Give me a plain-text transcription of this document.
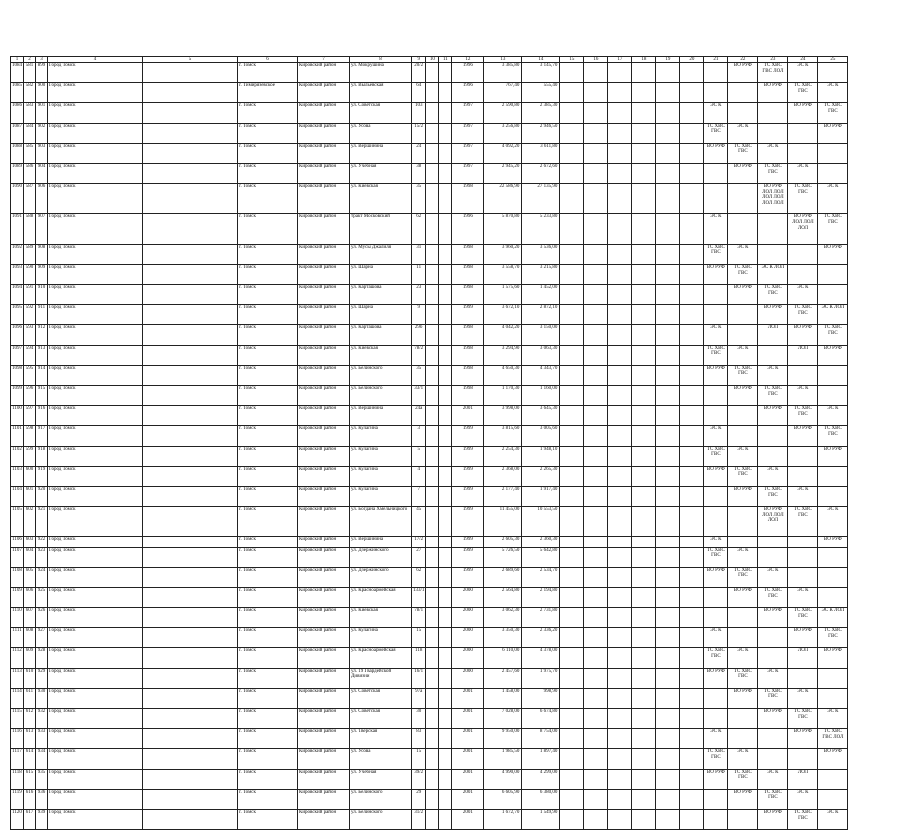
1	2	3	4	5	6	7	8	9	10	11	12	13	14	15	16	17	18	19	20	21	22	23	24	25
1084	581	899	Город Томск		г. Томск	Кировский район	ул. Мокрушина	20/2			1996	3 385,80	3 145,70								ВО РУФ	ТС ХВС ГВС ЛОЛ	ЭС К	
1085	582	900	Город Томск		г. Тимирязевское	Кировский район	ул. Выльевская	64			1996	767,40	555,40									ВО РУФ	ТС ХВС ГВС	ЭС К
1086	583	901	Город Томск		г. Томск	Кировский район	ул. Советская	103			1997	2 590,80	2 385,30							ЭС К			ВО РУФ	ТС ХВС ГВС
1087	584	902	Город Томск		г. Томск	Кировский район	ул. Усова	15/2			1997	3 256,80	2 946,50							ТС ХВС ГВС	ЭС К			ВО РУФ
1088	585	903	Город Томск		г. Томск	Кировский район	ул. Вершинина	24			1997	4 092,20	3 611,80							ВО РУФ	ТС ХВС ГВС	ЭС К		
1089	586	904	Город Томск		г. Томск	Кировский район	ул. Учебная	38			1997	2 945,20	2 672,60								ВО РУФ	ТС ХВС ГВС	ЭС К	
1090	587	906	Город Томск		г. Томск	Кировский район	ул. Киевская	35			1998	22 586,90	27 135,90									ВО РУФ ЛОЛ ЛОЛ ЛОЛ ЛОЛ ЛОЛ ЛОЛ	ТС ХВС ГВС	ЭС К
1091	588	907	Город Томск		г. Томск	Кировский район	тракт Московский	62			1996	5 870,80	5 233,80							ЭС К			ВО РУФ ЛОЛ ЛОЛ ЛОЛ	ТС ХВС ГВС
1092	589	908	Город Томск		г. Томск	Кировский район	ул. Мусы Джалиля	31			1998	3 960,20	3 536,00							ТС ХВС ГВС	ЭС К			ВО РУФ
1093	590	909	Город Томск		г. Томск	Кировский район	ул. Шарна	11			1998	3 558,70	3 215,80							ВО РУФ	ТС ХВС ГВС	ЭС К ЛОЛ		
1094	591	910	Город Томск		г. Томск	Кировский район	ул. Карташова	23			1998	1 575,60	1 452,00								ВО РУФ	ТС ХВС ГВС	ЭС К	
1095	592	911	Город Томск		г. Томск	Кировский район	ул. Шарна	9			1999	3 672,10	2 872,10									ВО РУФ	ТС ХВС ГВС	ЭС К ЛОЛ
1096	593	912	Город Томск		г. Томск	Кировский район	ул. Карташова	29б			1998	4 042,20	3 150,00							ЭС К		ЛОЛ	ВО РУФ	ТС ХВС ГВС
1097	594	913	Город Томск		г. Томск	Кировский район	ул. Киевская	78/2			1998	3 294,90	3 063,30							ТС ХВС ГВС	ЭС К		ЛОЛ	ВО РУФ
1098	595	914	Город Томск		г. Томск	Кировский район	ул. Белинского	35			1998	4 650,30	4 343,70							ВО РУФ	ТС ХВС ГВС	ЭС К		
1099	596	915	Город Томск		г. Томск	Кировский район	ул. Белинского	33/1			1998	1 170,30	1 160,00								ВО РУФ	ТС ХВС ГВС	ЭС К	
1100	597	916	Город Томск		г. Томск	Кировский район	ул. Вершинина	24а			2001	3 998,00	3 645,30									ВО РУФ	ТС ХВС ГВС	ЭС К
1101	598	917	Город Томск		г. Томск	Кировский район	ул. Кулагина	3			1999	3 815,60	3 005,60							ЭС К			ВО РУФ	ТС ХВС ГВС
1102	599	918	Город Томск		г. Томск	Кировский район	ул. Кулагина	5			1999	2 254,30	1 948,10							ТС ХВС ГВС	ЭС К			ВО РУФ
1103	600	919	Город Томск		г. Томск	Кировский район	ул. Кулагина	4			1999	2 368,00	2 265,30							ВО РУФ	ТС ХВС ГВС	ЭС К		
1104	601	920	Город Томск		г. Томск	Кировский район	ул. Кулагина	7			1999	2 177,40	1 917,40								ВО РУФ	ТС ХВС ГВС	ЭС К	
1105	602	921	Город Томск		г. Томск	Кировский район	ул. Богдана Хмельницкого	45			1999	11 455,00	10 553,50									ВО РУФ ЛОЛ ЛОЛ ЛОЛ	ТС ХВС ГВС	ЭС К
1106	603	922	Город Томск		г. Томск	Кировский район	ул. Вершинина	17/2			1999	2 605,30	2 360,30							ЭС К				ВО РУФ
1107	604	923	Город Томск		г. Томск	Кировский район	ул. Дзержинского	27			1999	5 726,50	5 642,80							ТС ХВС ГВС	ЭС К			
1108	605	924	Город Томск		г. Томск	Кировский район	ул. Дзержинского	62			1999	2 689,60	2 534,70							ВО РУФ	ТС ХВС ГВС	ЭС К		
1109	606	925	Город Томск		г. Томск	Кировский район	ул. Красноармейская	133/1			2000	2 564,80	2 194,80								ВО РУФ	ТС ХВС ГВС	ЭС К	
1110	607	926	Город Томск		г. Томск	Кировский район	ул. Киевская	78/1			2000	3 062,30	2 731,80									ВО РУФ	ТС ХВС ГВС	ЭС К ЛОЛ
1111	608	927	Город Томск		г. Томск	Кировский район	ул. Кулагина	15			2000	3 350,30	2 336,20							ЭС К			ВО РУФ	ТС ХВС ГВС
1112	609	928	Город Томск		г. Томск	Кировский район	ул. Красноармейская	118			2000	6 110,00	4 378,00							ТС ХВС ГВС	ЭС К		ЛОЛ	ВО РУФ
1113	610	929	Город Томск		г. Томск	Кировский район	ул. 19 Гвардейской Дивизии	16/1			2000	2 457,60	1 975,70							ВО РУФ	ТС ХВС ГВС	ЭС К		
1114	611	930	Город Томск		г. Томск	Кировский район	ул. Советская	97а			2001	1 458,00	998,90								ВО РУФ	ТС ХВС ГВС	ЭС К	
1115	612	932	Город Томск		г. Томск	Кировский район	ул. Советская	30			2001	7 028,00	6 674,80									ВО РУФ	ТС ХВС ГВС	ЭС К
1116	613	933	Город Томск		г. Томск	Кировский район	ул. Тверская	83			2001	9 950,00	8 754,00							ЭС К			ВО РУФ	ТС ХВС ГВС ЛОЛ
1117	614	934	Город Томск		г. Томск	Кировский район	ул. Усова	15			2001	1 985,50	1 897,40							ТС ХВС ГВС	ЭС К			ВО РУФ
1118	615	935	Город Томск		г. Томск	Кировский район	ул. Учебная	39/2			2001	4 990,00	4 299,00							ВО РУФ	ТС ХВС ГВС	ЭС К	ЛОЛ	
1119	616	936	Город Томск		г. Томск	Кировский район	ул. Белинского	29			2001	6 605,90	6 380,00								ВО РУФ	ТС ХВС ГВС	ЭС К	
1120	617	939	Город Томск		г. Томск	Кировский район	ул. Белинского	31/2			2001	1 672,70	1 549,90									ВО РУФ	ТС ХВС ГВС	ЭС К
